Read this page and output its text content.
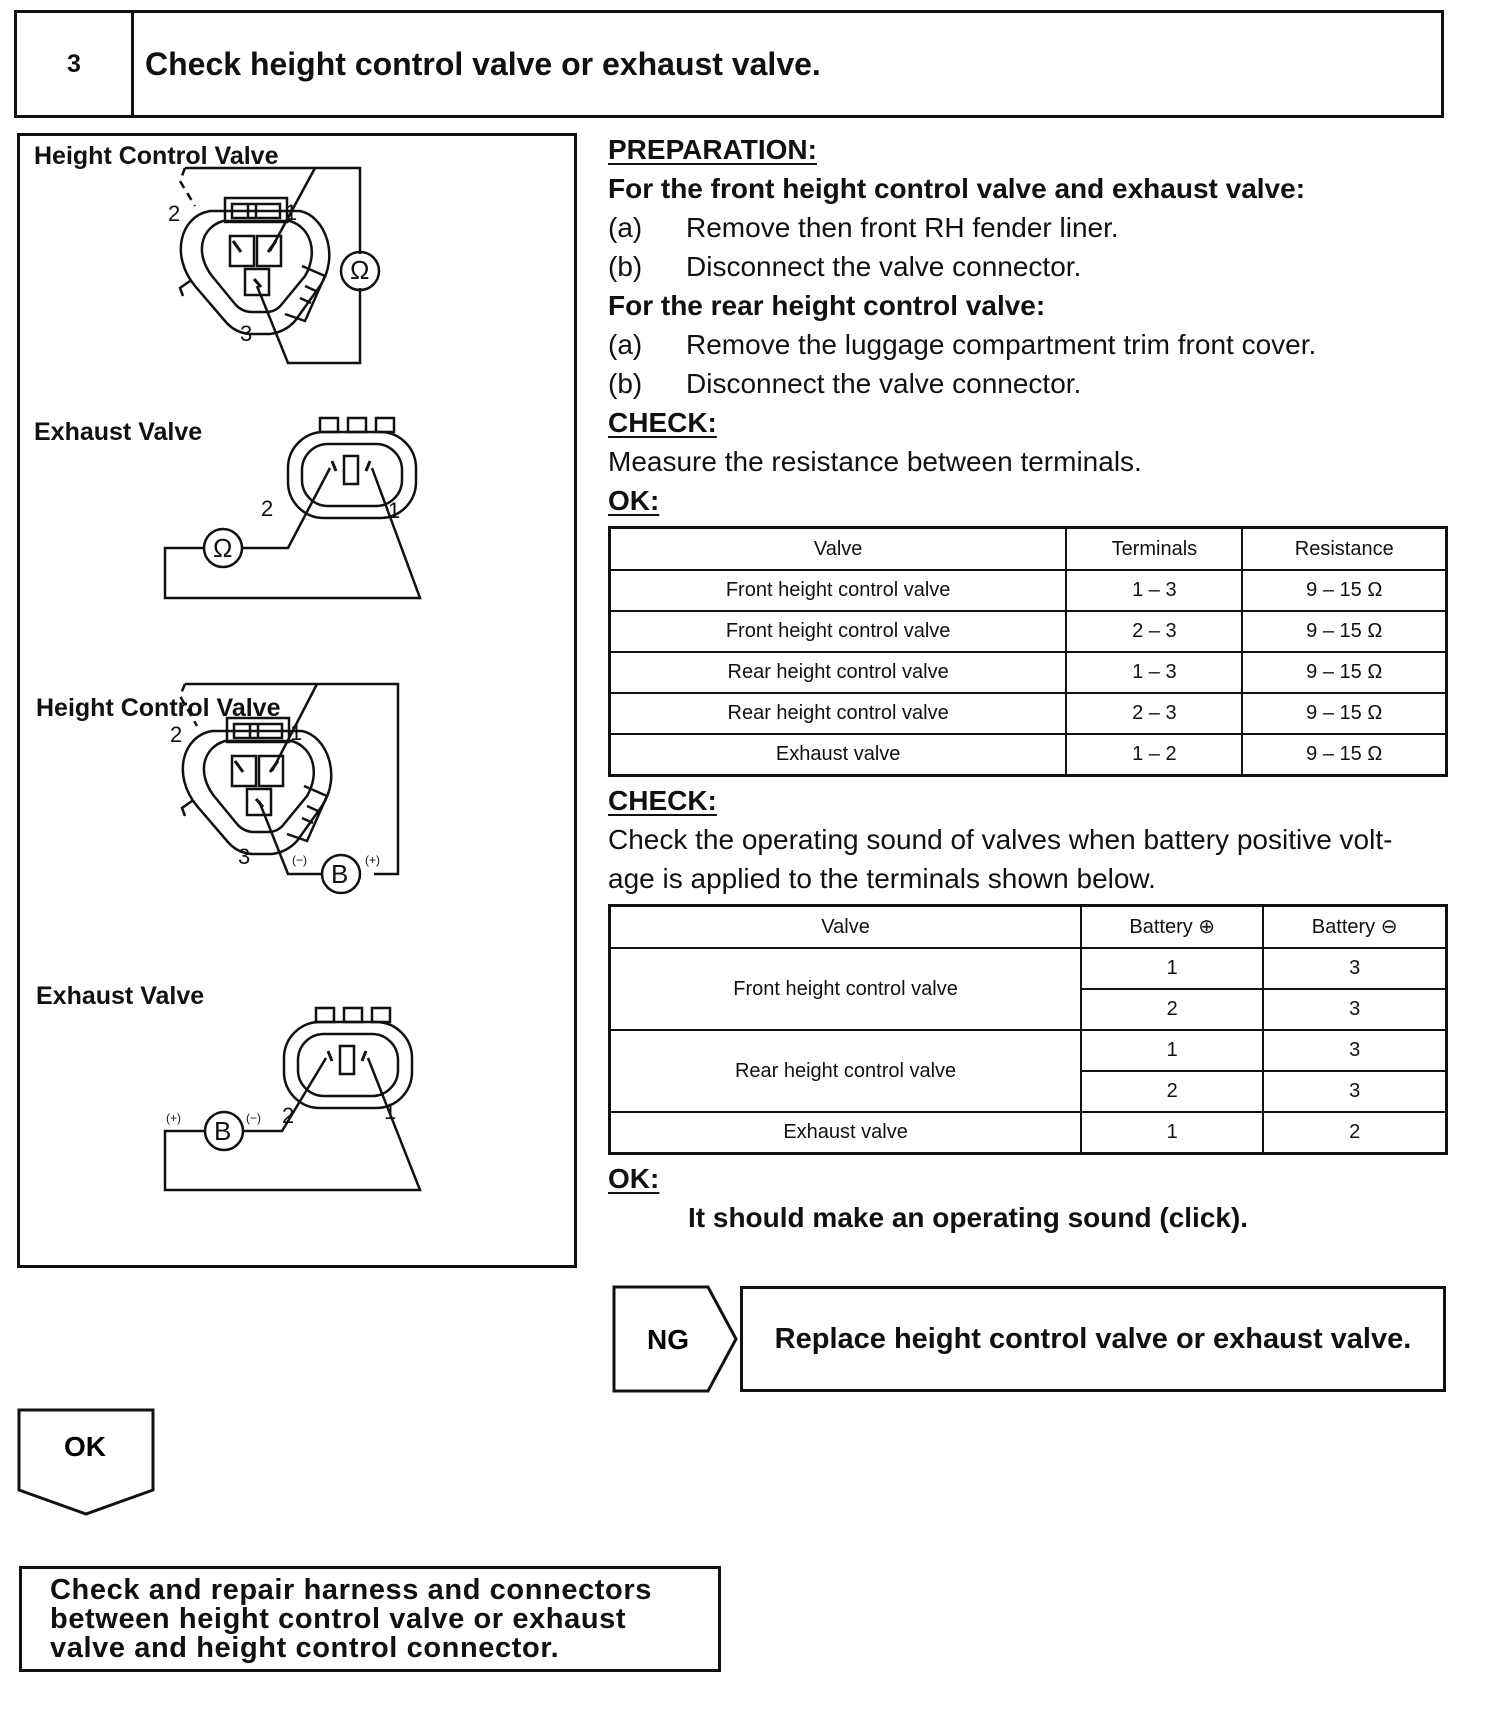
3	Check height control valve or exhaust valve.
Height Control Valve
Exhaust Valve
Height Control Valve
Exhaust Valve
2	1
3
Ω
2	1
Ω
2	1
3
B
(−)	(+)
2	1
B
(+)	(−)
PREPARATION:
For the front height control valve and exhaust valve:
(a)	Remove then front RH fender liner.
(b)	Disconnect the valve connector.
For the rear height control valve:
(a)	Remove the luggage compartment trim front cover.
(b)	Disconnect the valve connector.
CHECK:
Measure the resistance between terminals.
OK:
Valve	Terminals	Resistance
Front height control valve	1 – 3	9 – 15 Ω
Front height control valve	2 – 3	9 – 15 Ω
Rear height control valve	1 – 3	9 – 15 Ω
Rear height control valve	2 – 3	9 – 15 Ω
Exhaust valve	1 – 2	9 – 15 Ω
CHECK:
Check the operating sound of valves when battery positive volt-
age is applied to the terminals shown below.
Valve	Battery ⊕	Battery ⊖
Front height control valve	1	3
	2	3
Rear height control valve	1	3
	2	3
Exhaust valve	1	2
OK:
It should make an operating sound (click).
NG	Replace height control valve or exhaust valve.
OK
Check and repair harness and connectors
between height control valve or exhaust
valve and height control connector.
